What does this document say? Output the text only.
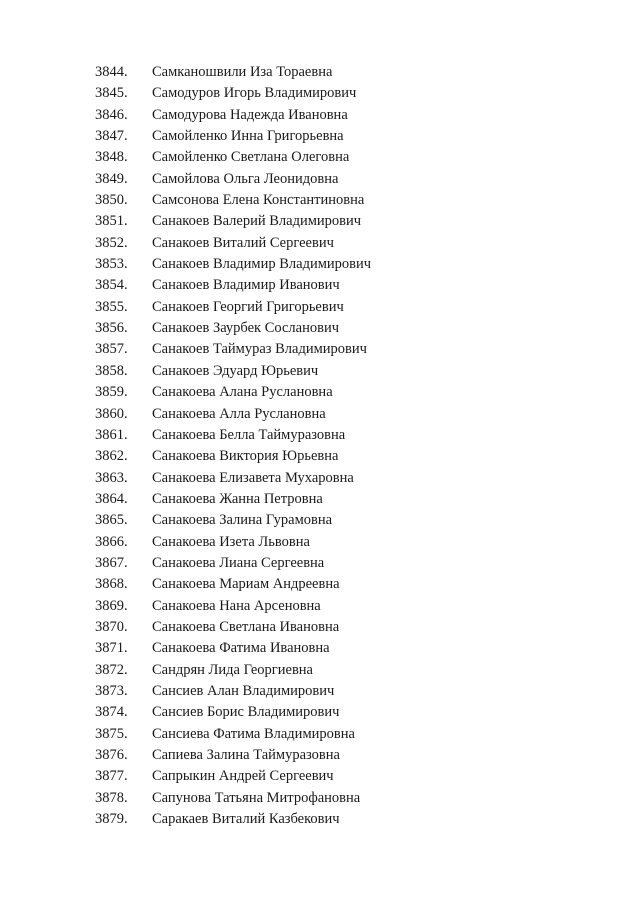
3844.	Самканошвили Иза Тораевна
3845.	Самодуров Игорь Владимирович
3846.	Самодурова Надежда Ивановна
3847.	Самойленко Инна Григорьевна
3848.	Самойленко Светлана Олеговна
3849.	Самойлова Ольга Леонидовна
3850.	Самсонова Елена Константиновна
3851.	Санакоев Валерий Владимирович
3852.	Санакоев Виталий Сергеевич
3853.	Санакоев Владимир Владимирович
3854.	Санакоев Владимир Иванович
3855.	Санакоев Георгий Григорьевич
3856.	Санакоев Заурбек Сосланович
3857.	Санакоев Таймураз Владимирович
3858.	Санакоев Эдуард Юрьевич
3859.	Санакоева Алана Руслановна
3860.	Санакоева Алла Руслановна
3861.	Санакоева Белла Таймуразовна
3862.	Санакоева Виктория Юрьевна
3863.	Санакоева Елизавета Мухаровна
3864.	Санакоева Жанна Петровна
3865.	Санакоева Залина Гурамовна
3866.	Санакоева Изета Львовна
3867.	Санакоева Лиана Сергеевна
3868.	Санакоева Мариам Андреевна
3869.	Санакоева Нана Арсеновна
3870.	Санакоева Светлана Ивановна
3871.	Санакоева Фатима Ивановна
3872.	Сандрян Лида Георгиевна
3873.	Сансиев Алан Владимирович
3874.	Сансиев Борис Владимирович
3875.	Сансиева Фатима Владимировна
3876.	Сапиева Залина Таймуразовна
3877.	Сапрыкин Андрей Сергеевич
3878.	Сапунова Татьяна Митрофановна
3879.	Саракаев Виталий Казбекович
